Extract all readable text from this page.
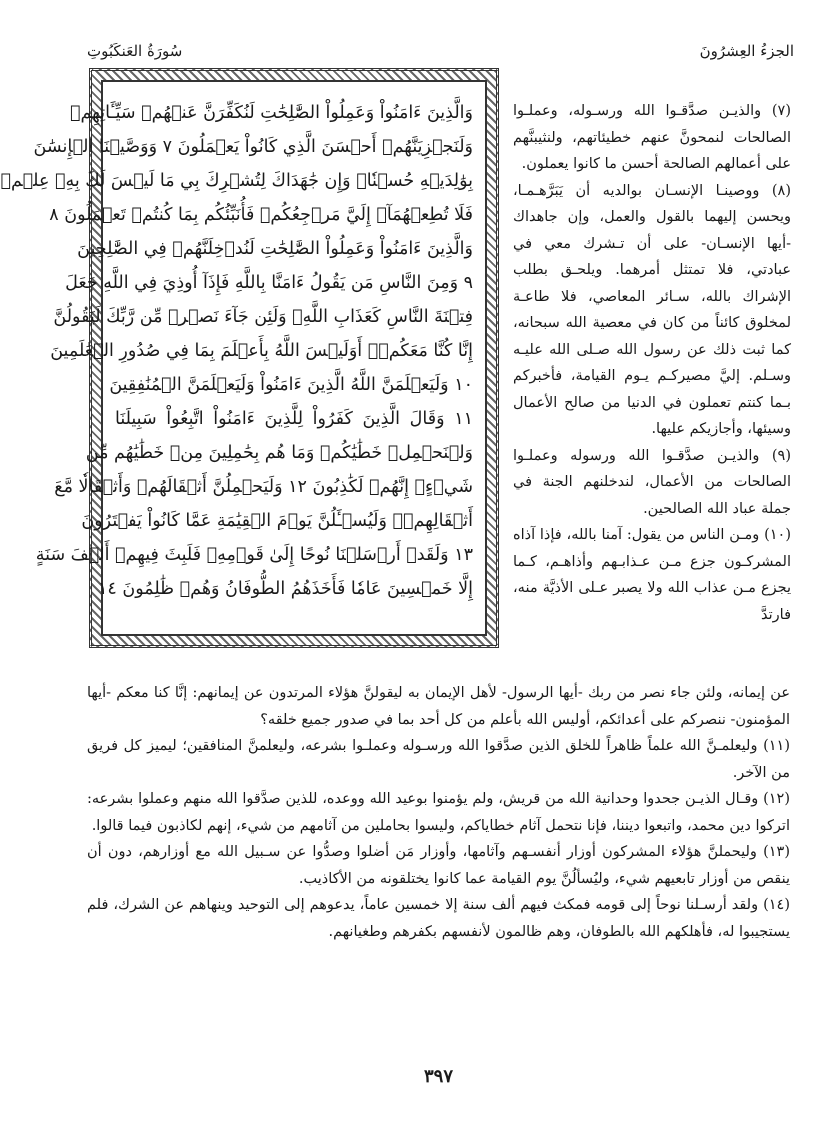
الجزءُ العِشرُونَ
سُورَةُ العَنكَبُوتِ
وَالَّذِينَ ءَامَنُواْ وَعَمِلُواْ الصَّٰلِحَٰتِ لَنُكَفِّرَنَّ عَنۡهُمۡ سَيِّـَٔاتِهِمۡ
وَلَنَجۡزِيَنَّهُمۡ أَحۡسَنَ الَّذِي كَانُواْ يَعۡمَلُونَ ٧ وَوَصَّيۡنَا الۡإِنسَٰنَ
بِوَٰلِدَيۡهِ حُسۡنٗاۖ وَإِن جَٰهَدَاكَ لِتُشۡرِكَ بِي مَا لَيۡسَ لَكَ بِهِۦ عِلۡمٞ
فَلَا تُطِعۡهُمَآۚ إِلَيَّ مَرۡجِعُكُمۡ فَأُنَبِّئُكُم بِمَا كُنتُمۡ تَعۡمَلُونَ ٨
وَالَّذِينَ ءَامَنُواْ وَعَمِلُواْ الصَّٰلِحَٰتِ لَنُدۡخِلَنَّهُمۡ فِي الصَّٰلِحِينَ
٩ وَمِنَ النَّاسِ مَن يَقُولُ ءَامَنَّا بِاللَّهِ فَإِذَآ أُوذِيَ فِي اللَّهِ جَعَلَ
فِتۡنَةَ النَّاسِ كَعَذَابِ اللَّهِۖ وَلَئِن جَآءَ نَصۡرٞ مِّن رَّبِّكَ لَيَقُولُنَّ
إِنَّا كُنَّا مَعَكُمۡۚ أَوَلَيۡسَ اللَّهُ بِأَعۡلَمَ بِمَا فِي صُدُورِ الۡعَٰلَمِينَ
١٠ وَلَيَعۡلَمَنَّ اللَّهُ الَّذِينَ ءَامَنُواْ وَلَيَعۡلَمَنَّ الۡمُنَٰفِقِينَ
١١ وَقَالَ الَّذِينَ كَفَرُواْ لِلَّذِينَ ءَامَنُواْ اتَّبِعُواْ سَبِيلَنَا
وَلۡنَحۡمِلۡ خَطَٰيَٰكُمۡ وَمَا هُم بِحَٰمِلِينَ مِنۡ خَطَٰيَٰهُم مِّن
شَيۡءٍۖ إِنَّهُمۡ لَكَٰذِبُونَ ١٢ وَلَيَحۡمِلُنَّ أَثۡقَالَهُمۡ وَأَثۡقَالٗا مَّعَ
أَثۡقَالِهِمۡۖ وَلَيُسۡـَٔلُنَّ يَوۡمَ الۡقِيَٰمَةِ عَمَّا كَانُواْ يَفۡتَرُونَ
١٣ وَلَقَدۡ أَرۡسَلۡنَا نُوحًا إِلَىٰ قَوۡمِهِۦ فَلَبِثَ فِيهِمۡ أَلۡفَ سَنَةٍ
إِلَّا خَمۡسِينَ عَامٗا فَأَخَذَهُمُ الطُّوفَانُ وَهُمۡ ظَٰلِمُونَ ١٤

(٧) والذيـن صدَّقـوا الله ورسـوله، وعملـوا الصالحات لنمحونَّ عنهم خطيئاتهم، ولنثيبنَّهم على أعمالهم الصالحة أحسن ما كانوا يعملون.

(٨) ووصينـا الإنسـان بوالديه أن يَبَرَّهـمـا، ويحسن إليهما بالقول والعمل، وإن جاهداك -أيها الإنسـان- على أن تـشرك معي في عبادتي، فلا تمتثل أمرهما. ويلحـق بطلب الإشراك بالله، سـائر المعاصي، فلا طاعـة لمخلوق كائناً من كان في معصية الله سبحانه، كما ثبت ذلك عن رسول الله صـلى الله عليـه وسـلم. إليَّ مصيركـم يـوم القيامة، فأخبركم بـما كنتم تعملون في الدنيا من صالح الأعمال وسيئها، وأجازيكم عليها.

(٩) والذيـن صدَّقـوا الله ورسوله وعملـوا الصالحات من الأعمال، لندخلنهم الجنة في جملة عباد الله الصالحين.

(١٠) ومـن الناس من يقول: آمنا بالله، فإذا آذاه المشركـون جزع مـن عـذابـهم وأذاهـم، كـما يجزع مـن عذاب الله ولا يصبر عـلى الأذيَّة منه، فارتدَّ

عن إيمانه، ولئن جاء نصر من ربك -أيها الرسول- لأهل الإيمان به ليقولنَّ هؤلاء المرتدون عن إيمانهم: إنَّا كنا معكم -أيها المؤمنون- ننصركم على أعدائكم، أوليس الله بأعلم من كل أحد بما في صدور جميع خلقه؟

(١١) وليعلمـنَّ الله علماً ظاهراً للخلق الذين صدَّقوا الله ورسـوله وعملـوا بشرعه، وليعلمنَّ المنافقين؛ ليميز كل فريق من الآخر.

(١٢) وقـال الذيـن جحدوا وحدانية الله من قريش، ولم يؤمنوا بوعيد الله ووعده، للذين صدَّقوا الله منهم وعملوا بشرعه: اتركوا دين محمد، واتبعوا ديننا، فإنا نتحمل آثام خطاياكم، وليسوا بحاملين من آثامهم من شيء، إنهم لكاذبون فيما قالوا.

(١٣) وليحملنَّ هؤلاء المشركون أوزار أنفسـهم وآثامها، وأوزار مَن أضلوا وصدُّوا عن سـبيل الله مع أوزارهم، دون أن ينقص من أوزار تابعيهم شيء، وليُسألُنَّ يوم القيامة عما كانوا يختلقونه من الأكاذيب.

(١٤) ولقد أرسـلنا نوحاً إلى قومه فمكث فيهم ألف سنة إلا خمسين عاماً، يدعوهم إلى التوحيد وينهاهم عن الشرك، فلم يستجيبوا له، فأهلكهم الله بالطوفان، وهم ظالمون لأنفسهم بكفرهم وطغيانهم.

٣٩٧
